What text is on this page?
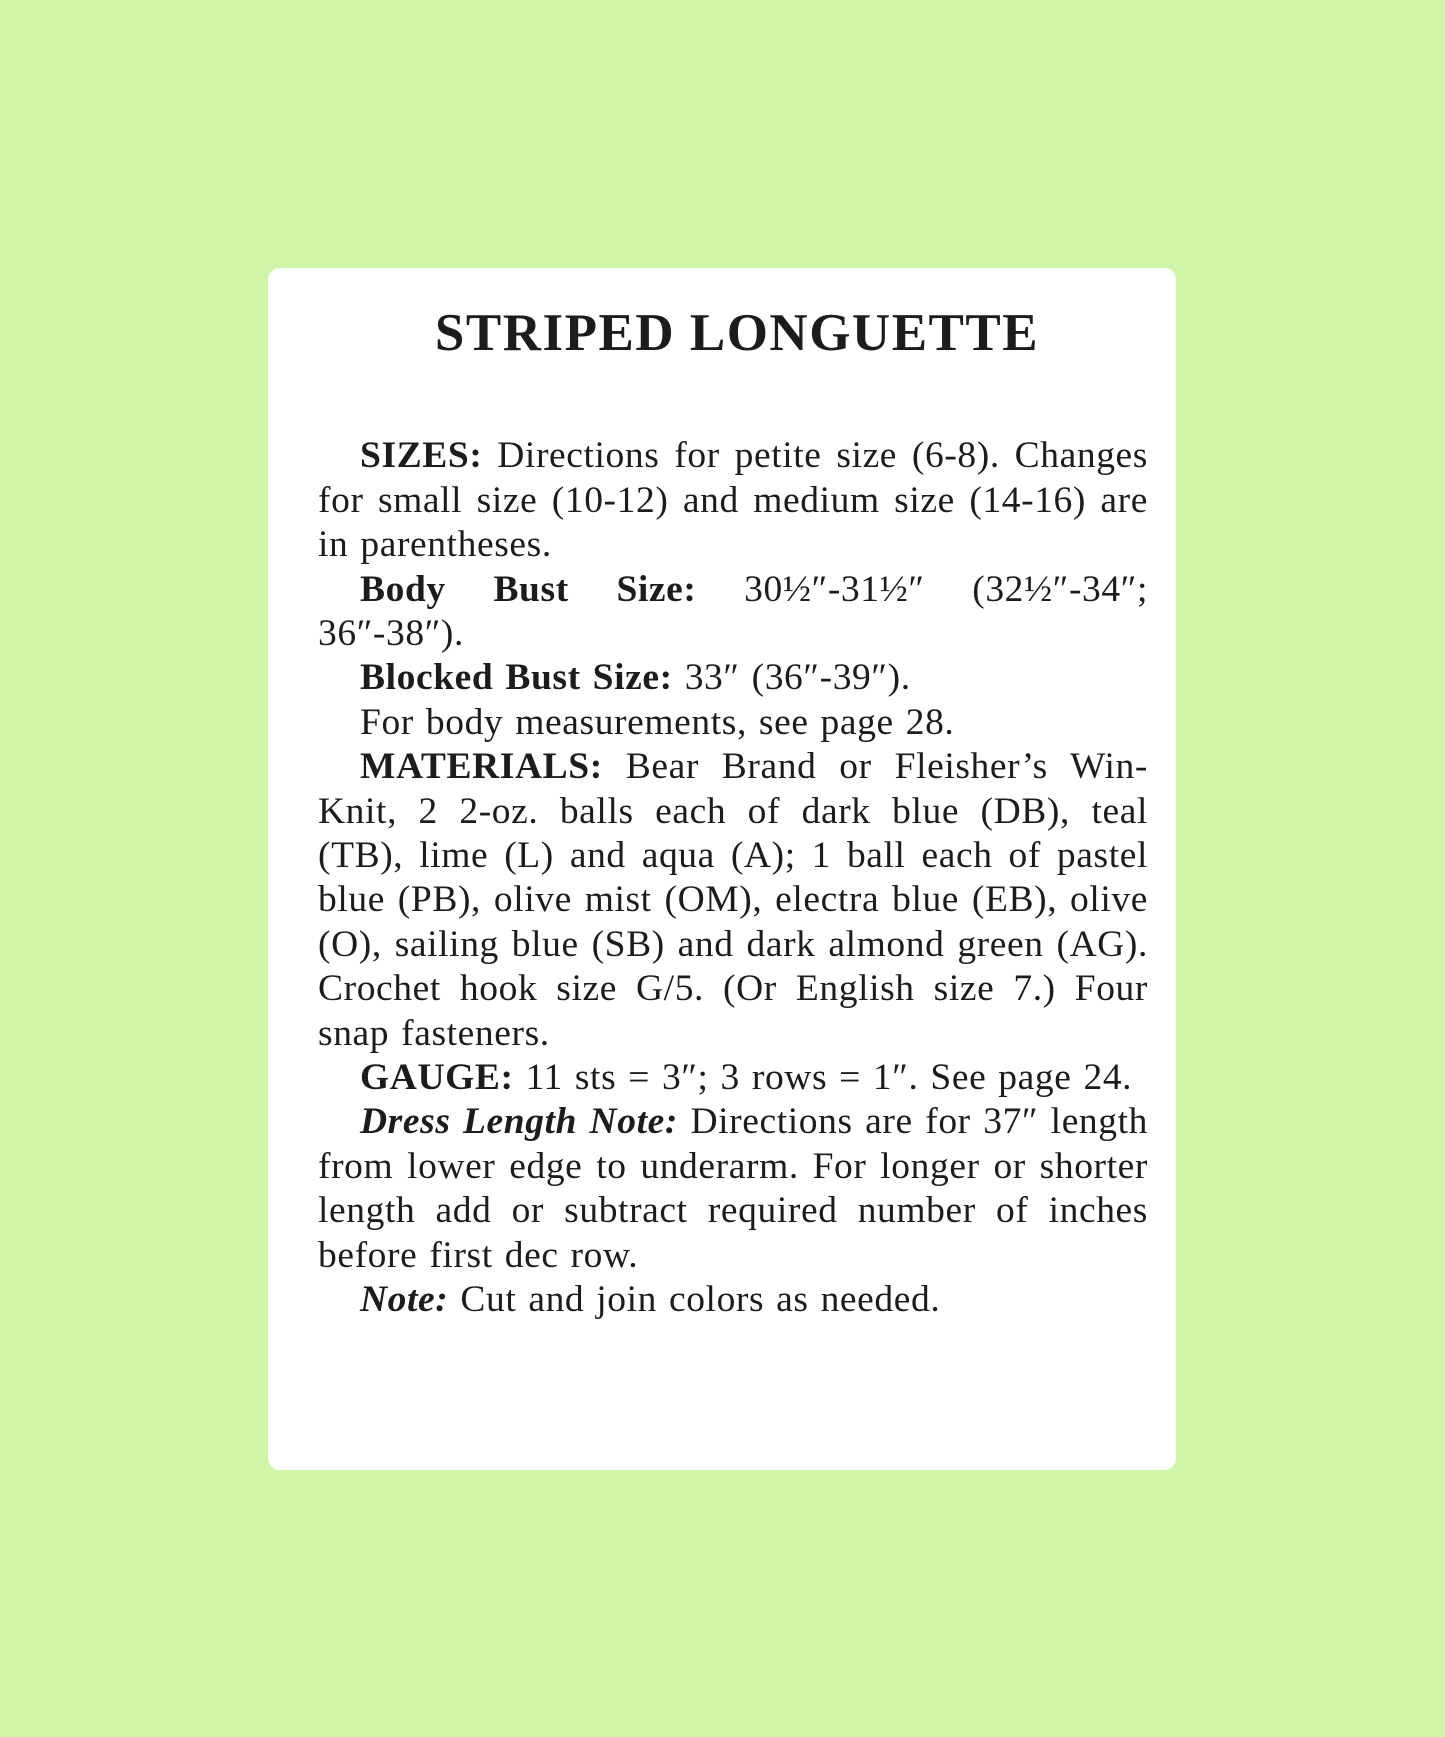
STRIPED LONGUETTE

SIZES: Directions for petite size (6-8). Changes for small size (10-12) and medium size (14-16) are in parentheses.

Body Bust Size: 30½″-31½″ (32½″-34″; 36″-38″).

Blocked Bust Size: 33″ (36″-39″).

For body measurements, see page 28.

MATERIALS: Bear Brand or Fleisher’s Win-Knit, 2 2-oz. balls each of dark blue (DB), teal (TB), lime (L) and aqua (A); 1 ball each of pastel blue (PB), olive mist (OM), electra blue (EB), olive (O), sailing blue (SB) and dark almond green (AG). Crochet hook size G/5. (Or English size 7.) Four snap fasteners.

GAUGE: 11 sts = 3″; 3 rows = 1″. See page 24.

Dress Length Note: Directions are for 37″ length from lower edge to underarm. For longer or shorter length add or subtract required number of inches before first dec row.

Note: Cut and join colors as needed.
